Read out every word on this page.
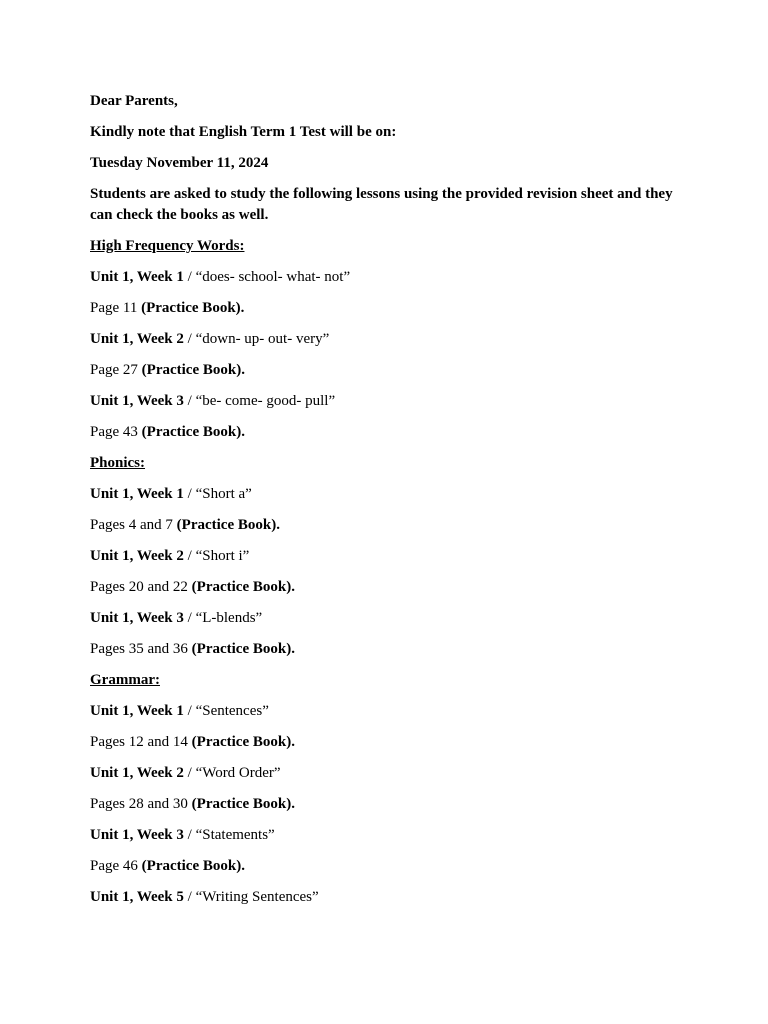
Dear Parents,

Kindly note that English Term 1 Test will be on:

Tuesday November 11, 2024

Students are asked to study the following lessons using the provided revision sheet and they can check the books as well.

High Frequency Words:

Unit 1, Week 1 / “does- school- what- not”

Page 11 (Practice Book).

Unit 1, Week 2 / “down- up- out- very”

Page 27 (Practice Book).

Unit 1, Week 3 / “be- come- good- pull”

Page 43 (Practice Book).

Phonics:

Unit 1, Week 1 / “Short a”

Pages 4 and 7 (Practice Book).

Unit 1, Week 2 / “Short i”

Pages 20 and 22 (Practice Book).

Unit 1, Week 3 / “L-blends”

Pages 35 and 36 (Practice Book).

Grammar:

Unit 1, Week 1 / “Sentences”

Pages 12 and 14 (Practice Book).

Unit 1, Week 2 / “Word Order”

Pages 28 and 30 (Practice Book).

Unit 1, Week 3 / “Statements”

Page 46 (Practice Book).

Unit 1, Week 5 / “Writing Sentences”
